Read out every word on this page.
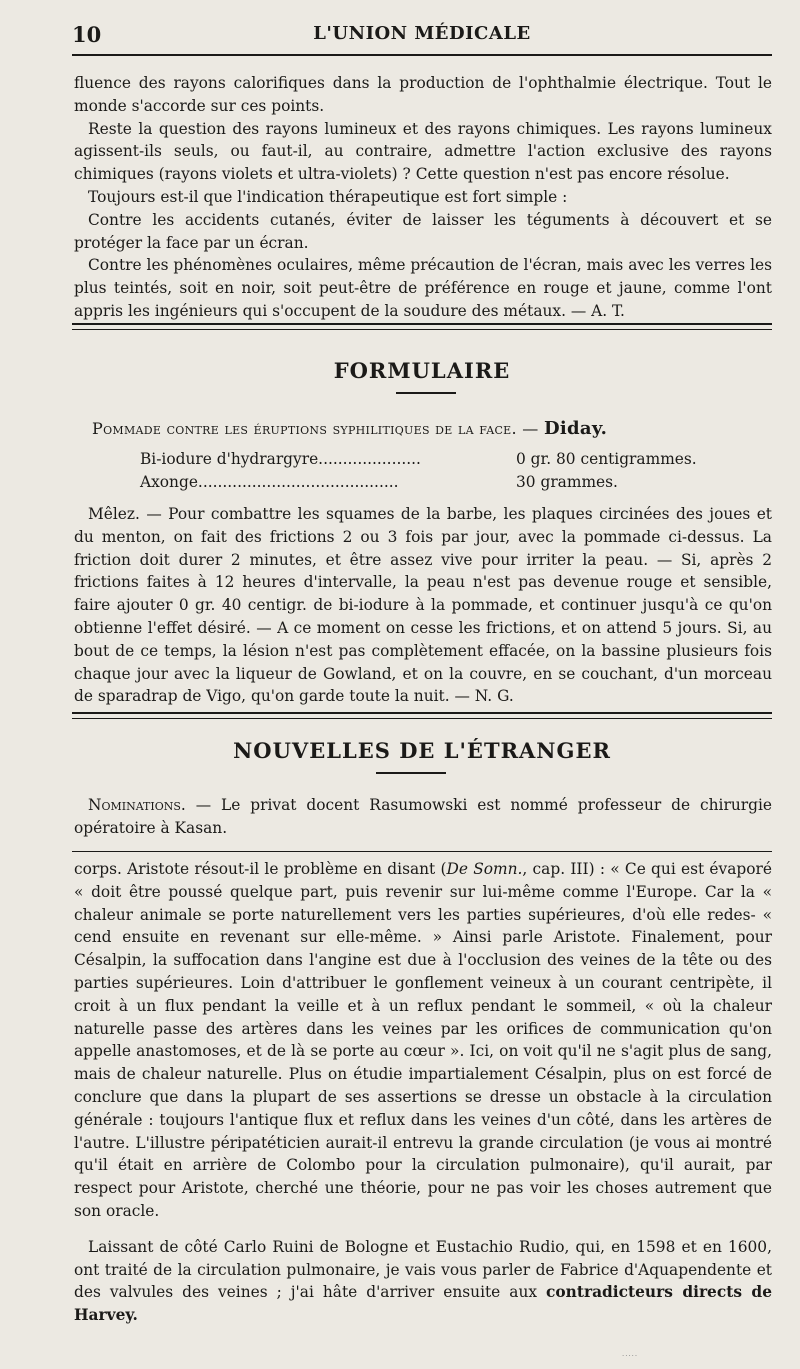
10	L'UNION MÉDICALE

fluence des rayons calorifiques dans la production de l'ophthalmie électrique. Tout le monde s'accorde sur ces points.

Reste la question des rayons lumineux et des rayons chimiques. Les rayons lumineux agissent-ils seuls, ou faut-il, au contraire, admettre l'action exclusive des rayons chimiques (rayons violets et ultra-violets) ? Cette question n'est pas encore résolue.

Toujours est-il que l'indication thérapeutique est fort simple :

Contre les accidents cutanés, éviter de laisser les téguments à découvert et se protéger la face par un écran.

Contre les phénomènes oculaires, même précaution de l'écran, mais avec les verres les plus teintés, soit en noir, soit peut-être de préférence en rouge et jaune, comme l'ont appris les ingénieurs qui s'occupent de la soudure des métaux. — A. T.

FORMULAIRE
Pommade contre les éruptions syphilitiques de la face. — Diday.
Bi-iodure d'hydrargyre.....................	0 gr. 80 centigrammes.
Axonge.........................................	30 grammes.

Mêlez. — Pour combattre les squames de la barbe, les plaques circinées des joues et du menton, on fait des frictions 2 ou 3 fois par jour, avec la pommade ci-dessus. La friction doit durer 2 minutes, et être assez vive pour irriter la peau. — Si, après 2 frictions faites à 12 heures d'intervalle, la peau n'est pas devenue rouge et sensible, faire ajouter 0 gr. 40 centigr. de bi-iodure à la pommade, et continuer jusqu'à ce qu'on obtienne l'effet désiré. — A ce moment on cesse les frictions, et on attend 5 jours. Si, au bout de ce temps, la lésion n'est pas complètement effacée, on la bassine plusieurs fois chaque jour avec la liqueur de Gowland, et on la couvre, en se couchant, d'un morceau de sparadrap de Vigo, qu'on garde toute la nuit. — N. G.

NOUVELLES DE L'ÉTRANGER

Nominations. — Le privat docent Rasumowski est nommé professeur de chirurgie opératoire à Kasan.

corps. Aristote résout-il le problème en disant (De Somn., cap. III) : « Ce qui est évaporé « doit être poussé quelque part, puis revenir sur lui-même comme l'Europe. Car la « chaleur animale se porte naturellement vers les parties supérieures, d'où elle redes- « cend ensuite en revenant sur elle-même. » Ainsi parle Aristote. Finalement, pour Césalpin, la suffocation dans l'angine est due à l'occlusion des veines de la tête ou des parties supérieures. Loin d'attribuer le gonflement veineux à un courant centripète, il croit à un flux pendant la veille et à un reflux pendant le sommeil, « où la chaleur naturelle passe des artères dans les veines par les orifices de communication qu'on appelle anastomoses, et de là se porte au cœur ». Ici, on voit qu'il ne s'agit plus de sang, mais de chaleur naturelle. Plus on étudie impartialement Césalpin, plus on est forcé de conclure que dans la plupart de ses assertions se dresse un obstacle à la circulation générale : toujours l'antique flux et reflux dans les veines d'un côté, dans les artères de l'autre. L'illustre péripatéticien aurait-il entrevu la grande circulation (je vous ai montré qu'il était en arrière de Colombo pour la circulation pulmonaire), qu'il aurait, par respect pour Aristote, cherché une théorie, pour ne pas voir les choses autrement que son oracle.

Laissant de côté Carlo Ruini de Bologne et Eustachio Rudio, qui, en 1598 et en 1600, ont traité de la circulation pulmonaire, je vais vous parler de Fabrice d'Aquapendente et des valvules des veines ; j'ai hâte d'arriver ensuite aux contradicteurs directs de Harvey.

·····
